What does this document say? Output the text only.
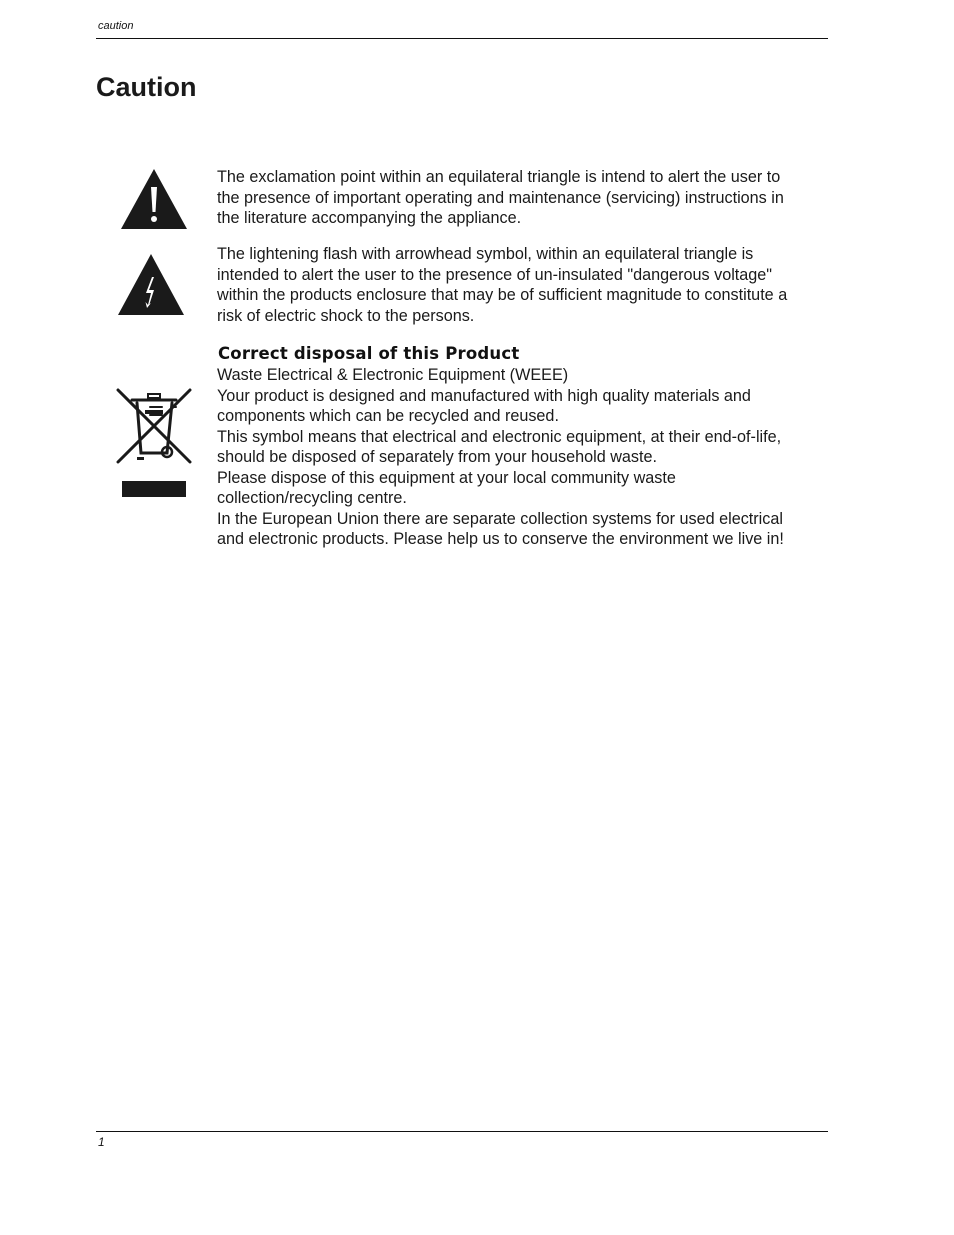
caution
Caution

The exclamation point within an equilateral triangle is intend to alert the user to
the presence of important operating and maintenance (servicing) instructions in
the literature accompanying the appliance.

The lightening flash with arrowhead symbol, within an equilateral triangle is
intended to alert the user to the presence of un-insulated "dangerous voltage"
within the products enclosure that may be of sufficient magnitude to constitute a
risk of electric shock to the persons.

Correct disposal of this Product

Waste Electrical & Electronic Equipment (WEEE)
Your product is designed and manufactured with high quality materials and
components which can be recycled and reused.
This symbol means that electrical and electronic equipment, at their end-of-life,
should be disposed of separately from your household waste.
Please dispose of this equipment at your local community waste
collection/recycling centre.
In the European Union there are separate collection systems for used electrical
and electronic products. Please help us to conserve the environment we live in!

1
